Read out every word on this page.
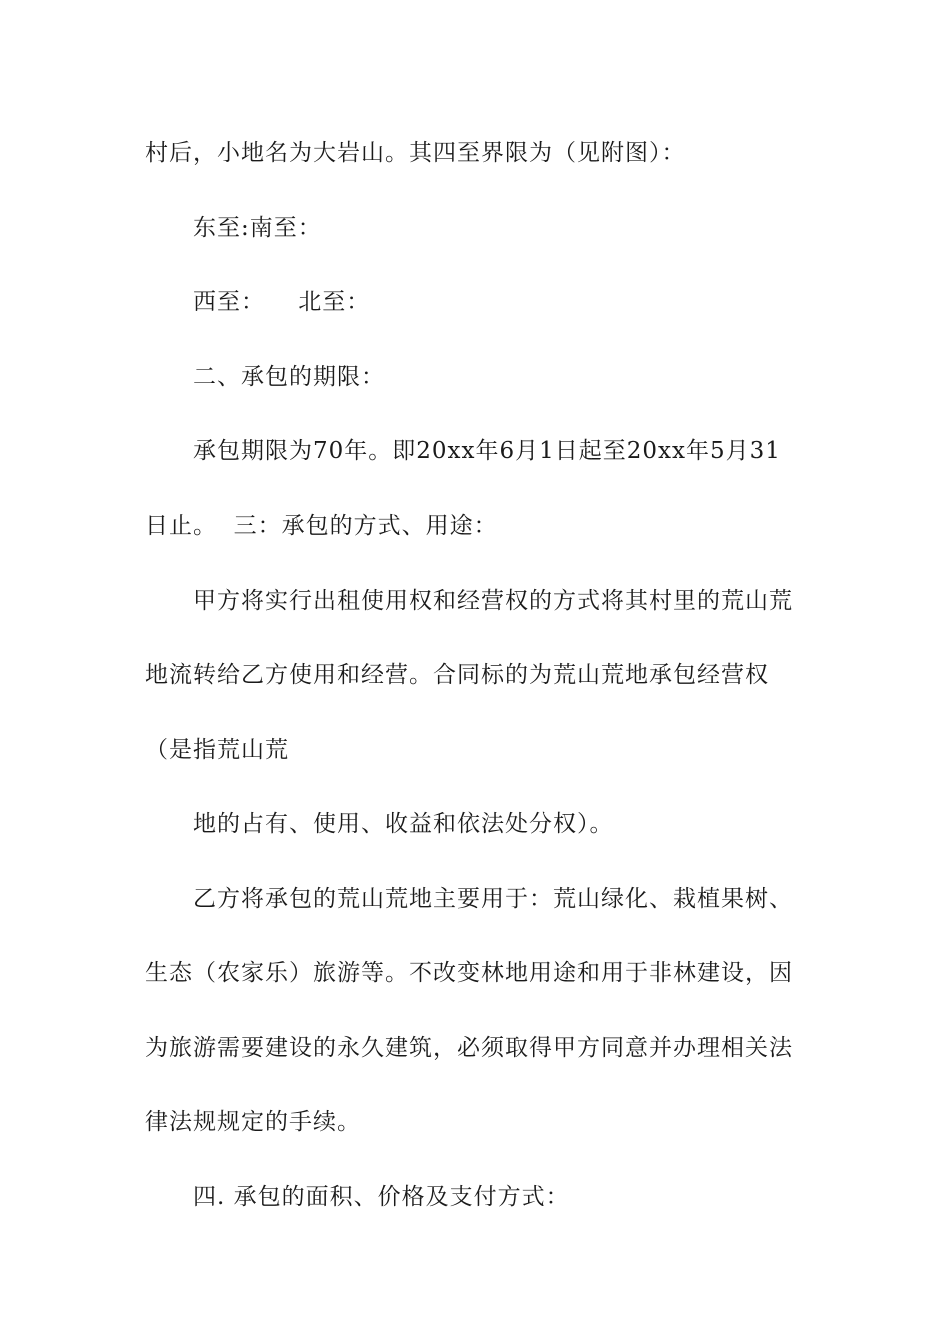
村后，小地名为大岩山。其四至界限为（见附图）：
东至:南至：
西至：    北至：
二、承包的期限：
承包期限为70年。即20xx年6月1日起至20xx年5月31
日止。  三：承包的方式、用途：
甲方将实行出租使用权和经营权的方式将其村里的荒山荒
地流转给乙方使用和经营。合同标的为荒山荒地承包经营权
（是指荒山荒
地的占有、使用、收益和依法处分权）。
乙方将承包的荒山荒地主要用于：荒山绿化、栽植果树、
生态（农家乐）旅游等。不改变林地用途和用于非林建设，因
为旅游需要建设的永久建筑，必须取得甲方同意并办理相关法
律法规规定的手续。
四. 承包的面积、价格及支付方式：
